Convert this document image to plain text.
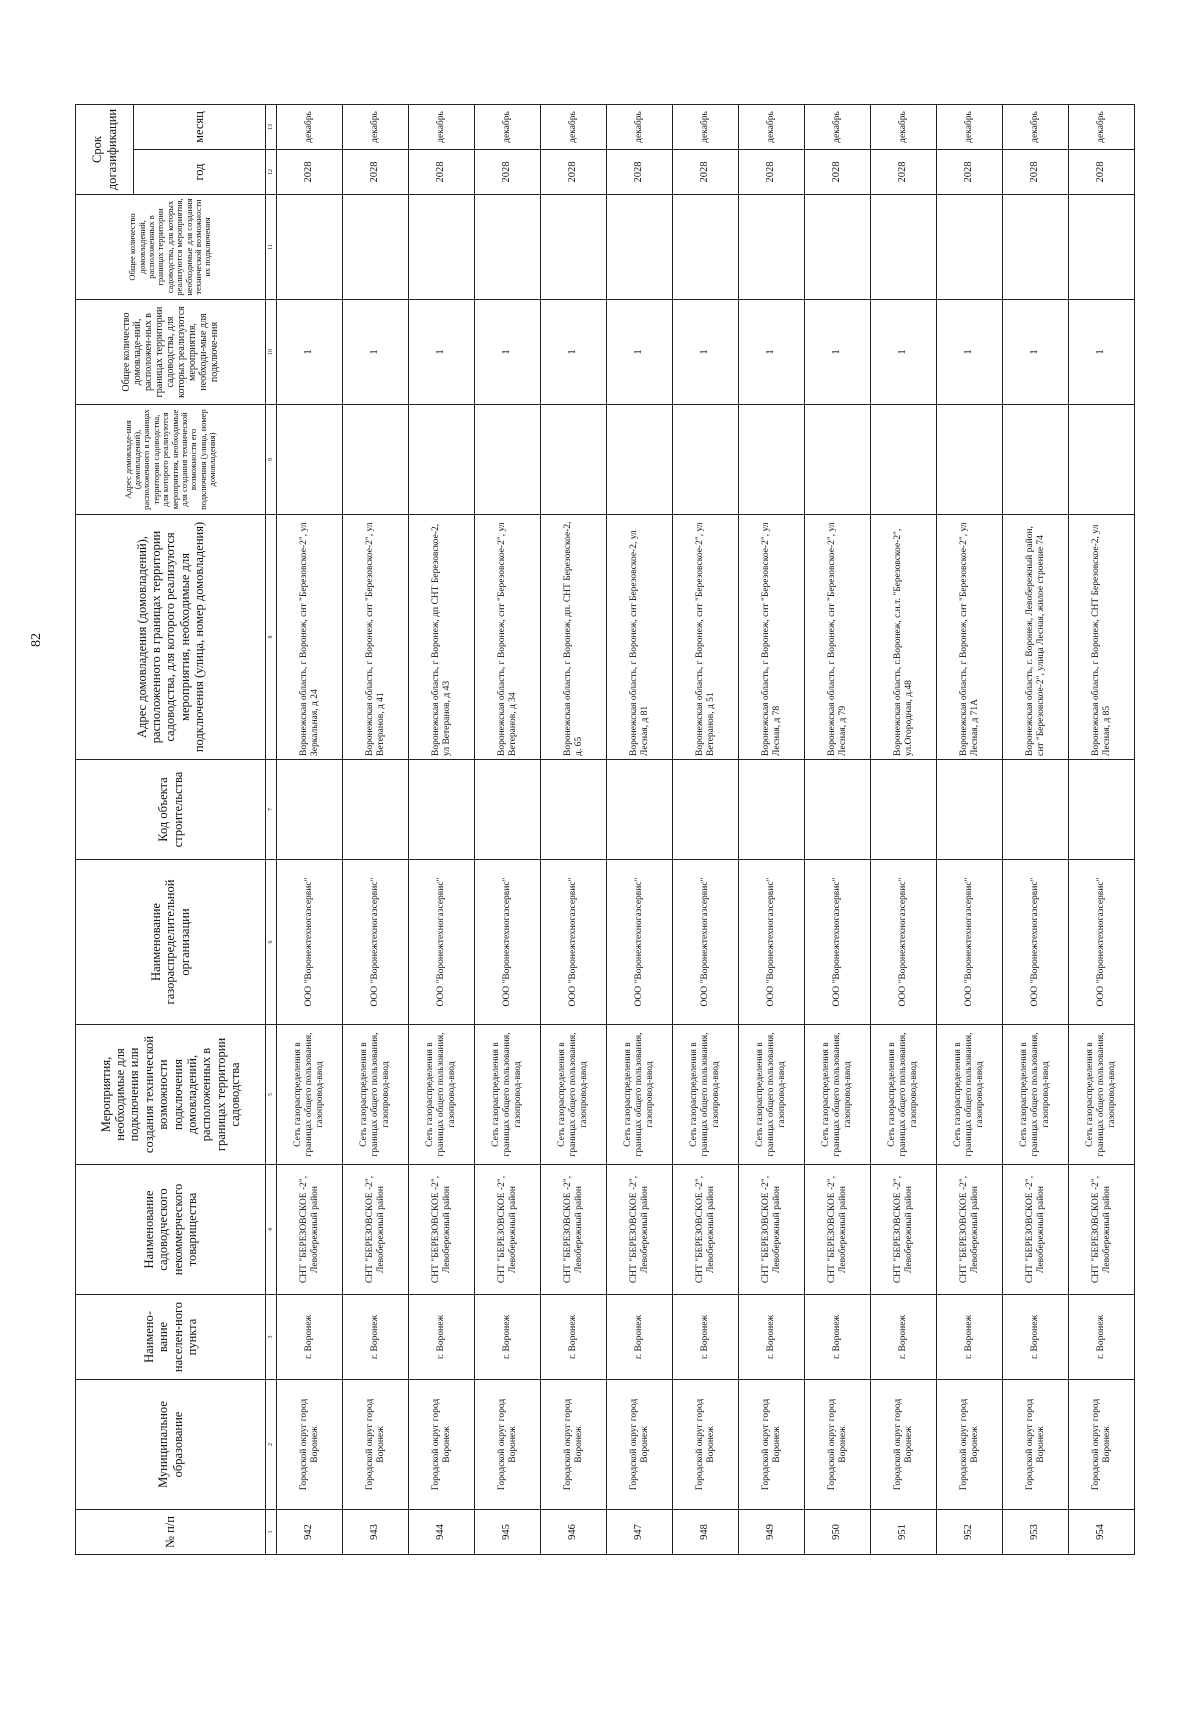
82
№ п/п	Муниципальное образование	Наимено-вание населен-ного пункта	Наименование садоводческого некоммерческого товарищества	Мероприятия, необходимые для подключения или создания технической возможности подключения домовладений, расположенных в границах территории садоводства	Наименование газораспределительной организации	Код объекта строительства	Адрес домовладения (домовладений), расположенного в границах территории садоводства, для которого реализуются мероприятия, необходимые для подключения (улица, номер домовладения)	Адрес домовладе-ния (домовладений), расположенного в границах территории садоводства, для которого реализуются мероприятия, необходимые для создания технической возможности его подключения (улица, номер домовладения)	Общее количество домовладе-ний, расположен-ных в границах территории садоводства, для которых реализуются мероприятия, необходи-мые для подключе-ния	Общее количество домовладений, расположенных в границах территории садоводства, для которых реализуются мероприятия, необходимые для создания технической возможности их подключения	Срок догазификации	
											год	месяц
1	2	3	4	5	6	7	8	9	10	11	12	13
942	Городской округ город Воронеж	г. Воронеж	СНТ "БЕРЕЗОВСКОЕ -2", Левобережный район	Сеть газораспределения в границах общего пользования, газопровод-ввод	ООО "Воронежтехногазсервис"		Воронежская область, г Воронеж, снт "Березовское-2", ул Зеркальная, д 24		1		2028	декабрь
943	Городской округ город Воронеж	г. Воронеж	СНТ "БЕРЕЗОВСКОЕ -2", Левобережный район	Сеть газораспределения в границах общего пользования, газопровод-ввод	ООО "Воронежтехногазсервис"		Воронежская область, г Воронеж, снт "Березовское-2", ул Ветеранов, д 41		1		2028	декабрь
944	Городской округ город Воронеж	г. Воронеж	СНТ "БЕРЕЗОВСКОЕ -2", Левобережный район	Сеть газораспределения в границах общего пользования, газопровод-ввод	ООО "Воронежтехногазсервис"		Воронежская область, г Воронеж, дп СНТ Березовское-2, ул Ветеранов, д 43		1		2028	декабрь
945	Городской округ город Воронеж	г. Воронеж	СНТ "БЕРЕЗОВСКОЕ -2", Левобережный район	Сеть газораспределения в границах общего пользования, газопровод-ввод	ООО "Воронежтехногазсервис"		Воронежская область, г Воронеж, снт "Березовское-2", ул Ветеранов, д 34		1		2028	декабрь
946	Городской округ город Воронеж	г. Воронеж	СНТ "БЕРЕЗОВСКОЕ -2", Левобережный район	Сеть газораспределения в границах общего пользования, газопровод-ввод	ООО "Воронежтехногазсервис"		Воронежская область, г Воронеж, дп. СНТ Березовское-2, д. 65		1		2028	декабрь
947	Городской округ город Воронеж	г. Воронеж	СНТ "БЕРЕЗОВСКОЕ -2", Левобережный район	Сеть газораспределения в границах общего пользования, газопровод-ввод	ООО "Воронежтехногазсервис"		Воронежская область, г Воронеж, снт Березовское-2, ул Лесная, д 81		1		2028	декабрь
948	Городской округ город Воронеж	г. Воронеж	СНТ "БЕРЕЗОВСКОЕ -2", Левобережный район	Сеть газораспределения в границах общего пользования, газопровод-ввод	ООО "Воронежтехногазсервис"		Воронежская область, г Воронеж, снт "Березовское-2", ул Ветеранов, д 51		1		2028	декабрь
949	Городской округ город Воронеж	г. Воронеж	СНТ "БЕРЕЗОВСКОЕ -2", Левобережный район	Сеть газораспределения в границах общего пользования, газопровод-ввод	ООО "Воронежтехногазсервис"		Воронежская область, г Воронеж, снт "Березовское-2", ул Лесная, д 78		1		2028	декабрь
950	Городской округ город Воронеж	г. Воронеж	СНТ "БЕРЕЗОВСКОЕ -2", Левобережный район	Сеть газораспределения в границах общего пользования, газопровод-ввод	ООО "Воронежтехногазсервис"		Воронежская область, г Воронеж, снт "Березовское-2", ул Лесная, д 79		1		2028	декабрь
951	Городской округ город Воронеж	г. Воронеж	СНТ "БЕРЕЗОВСКОЕ -2", Левобережный район	Сеть газораспределения в границах общего пользования, газопровод-ввод	ООО "Воронежтехногазсервис"		Воронежская область, г.Воронеж, с.н.т. "Березовское-2", ул.Огородная, д.48		1		2028	декабрь
952	Городской округ город Воронеж	г. Воронеж	СНТ "БЕРЕЗОВСКОЕ -2", Левобережный район	Сеть газораспределения в границах общего пользования, газопровод-ввод	ООО "Воронежтехногазсервис"		Воронежская область, г Воронеж, снт "Березовское-2", ул Лесная, д 71А		1		2028	декабрь
953	Городской округ город Воронеж	г. Воронеж	СНТ "БЕРЕЗОВСКОЕ -2", Левобережный район	Сеть газораспределения в границах общего пользования, газопровод-ввод	ООО "Воронежтехногазсервис"		Воронежская область, г. Воронеж, Левобережный район, снт "Березовское-2", улица Лесная, жилое строение 74		1		2028	декабрь
954	Городской округ город Воронеж	г. Воронеж	СНТ "БЕРЕЗОВСКОЕ -2", Левобережный район	Сеть газораспределения в границах общего пользования, газопровод-ввод	ООО "Воронежтехногазсервис"		Воронежская область, г Воронеж, СНТ Березовское-2, ул Лесная, д 85		1		2028	декабрь
